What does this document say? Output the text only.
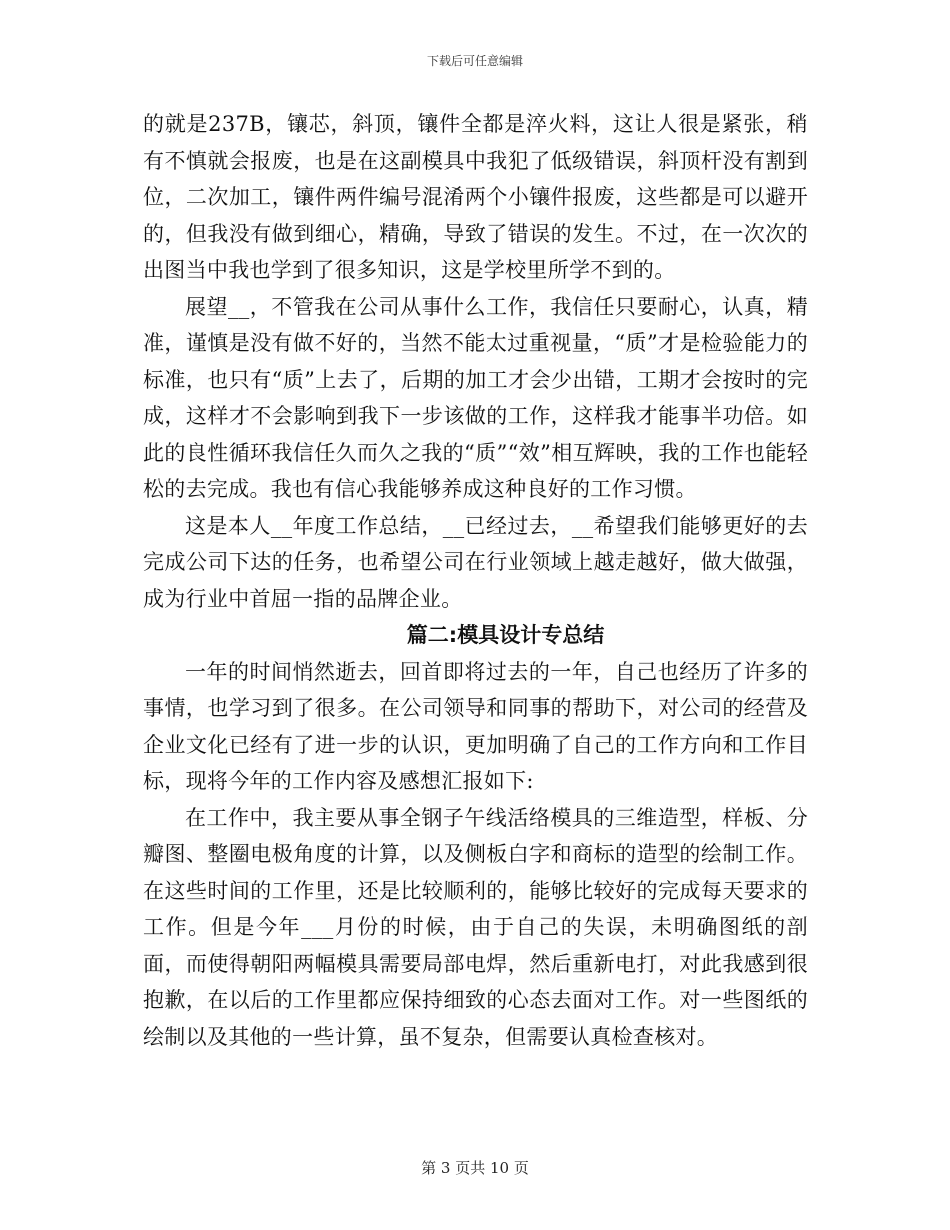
下载后可任意编辑

的就是237B，镶芯，斜顶，镶件全都是淬火料，这让人很是紧张，稍有不慎就会报废，也是在这副模具中我犯了低级错误，斜顶杆没有割到位，二次加工，镶件两件编号混淆两个小镶件报废，这些都是可以避开的，但我没有做到细心，精确，导致了错误的发生。不过，在一次次的出图当中我也学到了很多知识，这是学校里所学不到的。

展望__，不管我在公司从事什么工作，我信任只要耐心，认真，精准，谨慎是没有做不好的，当然不能太过重视量，“质”才是检验能力的标准，也只有“质”上去了，后期的加工才会少出错，工期才会按时的完成，这样才不会影响到我下一步该做的工作，这样我才能事半功倍。如此的良性循环我信任久而久之我的“质”“效”相互辉映，我的工作也能轻松的去完成。我也有信心我能够养成这种良好的工作习惯。

这是本人__年度工作总结，__已经过去，__希望我们能够更好的去完成公司下达的任务，也希望公司在行业领域上越走越好，做大做强，成为行业中首屈一指的品牌企业。

篇二:模具设计专总结

一年的时间悄然逝去，回首即将过去的一年，自己也经历了许多的事情，也学习到了很多。在公司领导和同事的帮助下，对公司的经营及企业文化已经有了进一步的认识，更加明确了自己的工作方向和工作目标，现将今年的工作内容及感想汇报如下:

在工作中，我主要从事全钢子午线活络模具的三维造型，样板、分瓣图、整圈电极角度的计算，以及侧板白字和商标的造型的绘制工作。在这些时间的工作里，还是比较顺利的，能够比较好的完成每天要求的工作。但是今年___月份的时候，由于自己的失误，未明确图纸的剖面，而使得朝阳两幅模具需要局部电焊，然后重新电打，对此我感到很抱歉，在以后的工作里都应保持细致的心态去面对工作。对一些图纸的绘制以及其他的一些计算，虽不复杂，但需要认真检查核对。

第 3 页共 10 页
